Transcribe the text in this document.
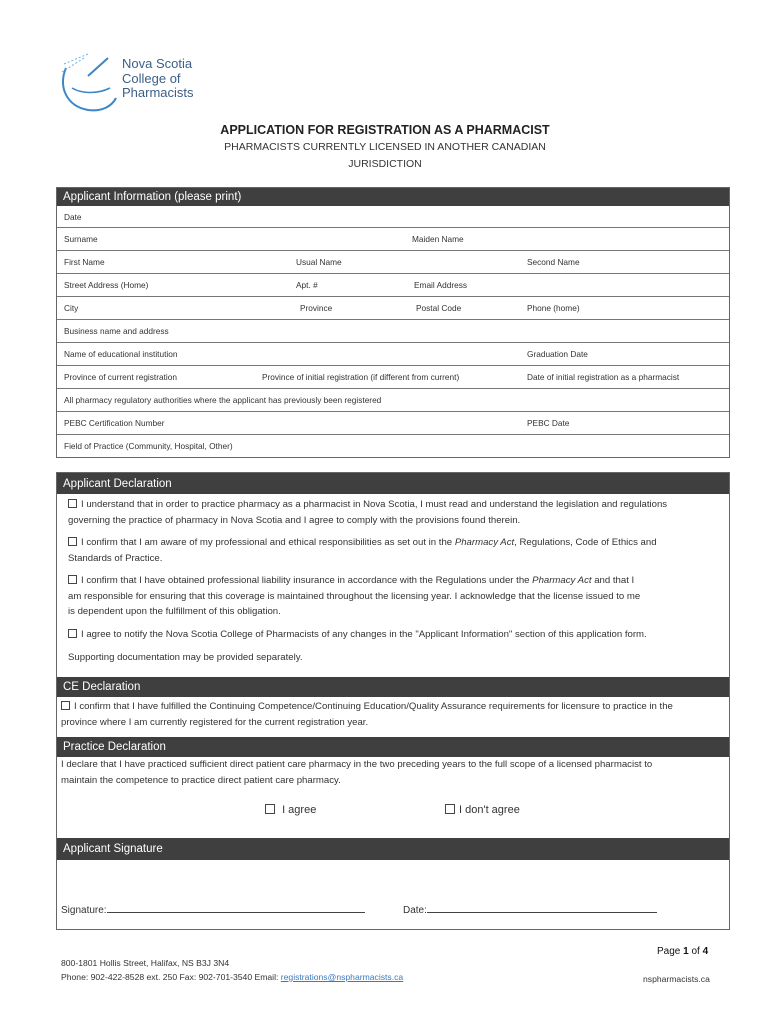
Nova Scotia
College of
Pharmacists
APPLICATION FOR REGISTRATION AS A PHARMACIST
PHARMACISTS CURRENTLY LICENSED IN ANOTHER CANADIAN
JURISDICTION
Applicant Information (please print)
Date
Surname	Maiden Name
First Name	Usual Name	Second Name
Street Address (Home)	Apt. #	Email Address
City	Province	Postal Code	Phone (home)
Business name and address
Name of educational institution	Graduation Date
Province of current registration	Province of initial registration (if different from current)	Date of initial registration as a pharmacist
All pharmacy regulatory authorities where the applicant has previously been registered
PEBC Certification Number	PEBC Date
Field of Practice (Community, Hospital, Other)
Applicant Declaration
CE Declaration
Practice Declaration
Applicant Signature
I understand that in order to practice pharmacy as a pharmacist in Nova Scotia, I must read and understand the legislation and regulations
governing the practice of pharmacy in Nova Scotia and I agree to comply with the provisions found therein.
I confirm that I am aware of my professional and ethical responsibilities as set out in the Pharmacy Act, Regulations, Code of Ethics and
Standards of Practice.
I confirm that I have obtained professional liability insurance in accordance with the Regulations under the Pharmacy Act and that I
am responsible for ensuring that this coverage is maintained throughout the licensing year. I acknowledge that the license issued to me
is dependent upon the fulfillment of this obligation.
I agree to notify the Nova Scotia College of Pharmacists of any changes in the "Applicant Information" section of this application form.
Supporting documentation may be provided separately.
I confirm that I have fulfilled the Continuing Competence/Continuing Education/Quality Assurance requirements for licensure to practice in the
province where I am currently registered for the current registration year.
I declare that I have practiced sufficient direct patient care pharmacy in the two preceding years to the full scope of a licensed pharmacist to
maintain the competence to practice direct patient care pharmacy.
I agree	I don't agree
Signature:	Date:
Page 1 of 4
800-1801 Hollis Street, Halifax, NS B3J 3N4
Phone: 902-422-8528 ext. 250 Fax: 902-701-3540 Email: registrations@nspharmacists.ca	nspharmacists.ca
